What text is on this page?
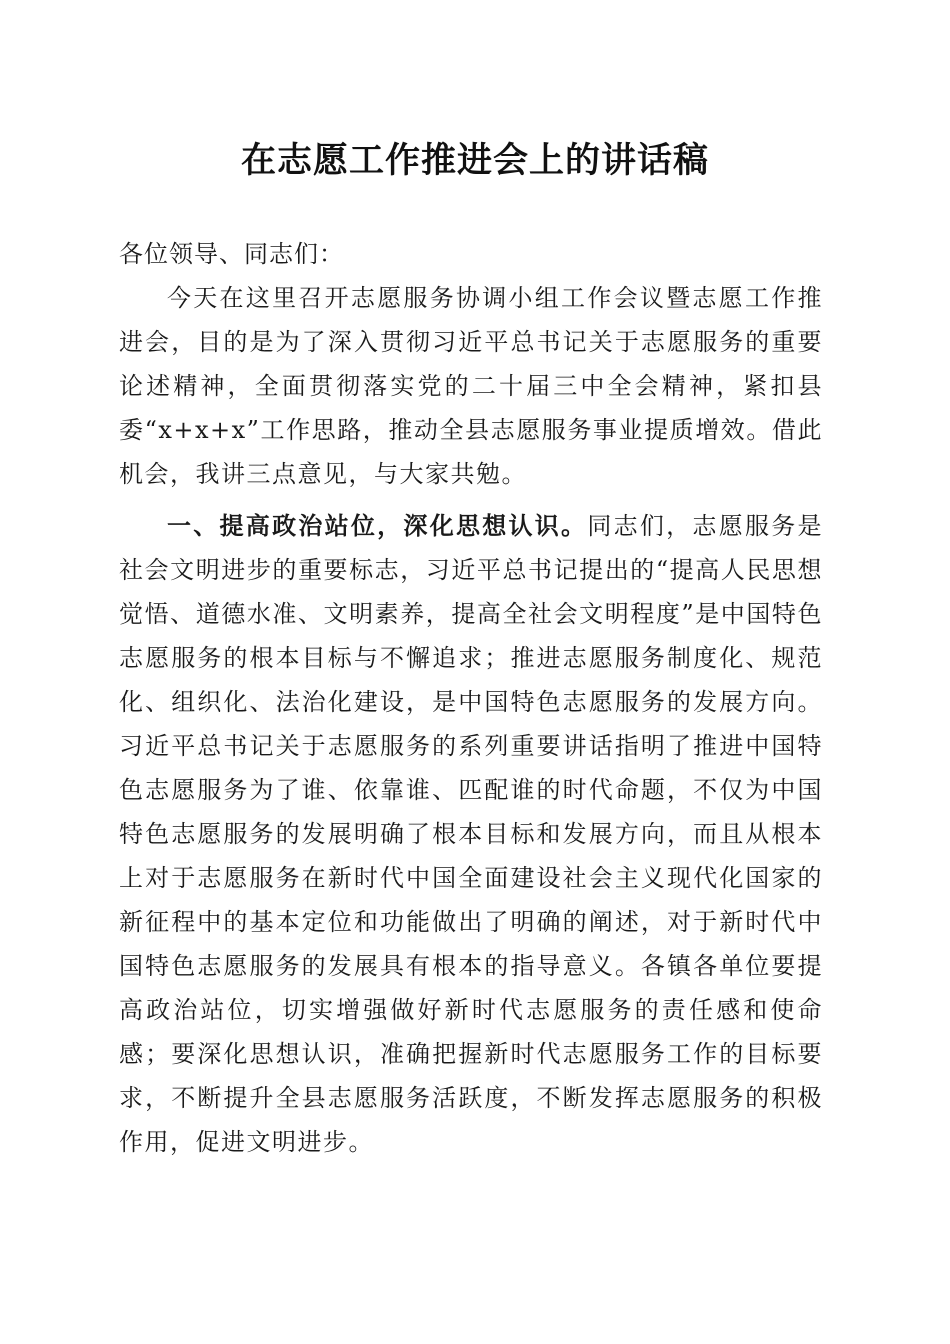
在志愿工作推进会上的讲话稿

各位领导、同志们：

今天在这里召开志愿服务协调小组工作会议暨志愿工作推进会，目的是为了深入贯彻习近平总书记关于志愿服务的重要论述精神，全面贯彻落实党的二十届三中全会精神，紧扣县委“x+x+x”工作思路，推动全县志愿服务事业提质增效。借此机会，我讲三点意见，与大家共勉。

一、提高政治站位，深化思想认识。同志们，志愿服务是社会文明进步的重要标志，习近平总书记提出的“提高人民思想觉悟、道德水准、文明素养，提高全社会文明程度”是中国特色志愿服务的根本目标与不懈追求；推进志愿服务制度化、规范化、组织化、法治化建设，是中国特色志愿服务的发展方向。习近平总书记关于志愿服务的系列重要讲话指明了推进中国特色志愿服务为了谁、依靠谁、匹配谁的时代命题，不仅为中国特色志愿服务的发展明确了根本目标和发展方向，而且从根本上对于志愿服务在新时代中国全面建设社会主义现代化国家的新征程中的基本定位和功能做出了明确的阐述，对于新时代中国特色志愿服务的发展具有根本的指导意义。各镇各单位要提高政治站位，切实增强做好新时代志愿服务的责任感和使命感；要深化思想认识，准确把握新时代志愿服务工作的目标要求，不断提升全县志愿服务活跃度，不断发挥志愿服务的积极作用，促进文明进步。
